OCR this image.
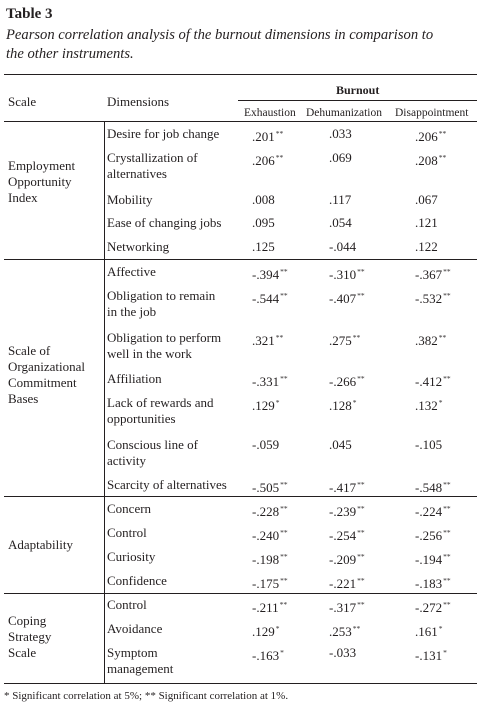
Table 3
Pearson correlation analysis of the burnout dimensions in comparison to
the other instruments.
Burnout
Scale	Dimensions
Exhaustion Dehumanization Disappointment
Employment
Opportunity
Index
Desire for job change	.201**	.033	.206**
Crystallization of
alternatives
.206**	.069	.208**
Mobility	.008	.117	.067
Ease of changing jobs .095	.054	.121
Networking	.125	-.044	.122
Scale of
Organizational
Commitment
Bases
Affective	-.394**	-.310**	-.367**
Obligation to remain
in the job
-.544**	-.407**	-.532**
Obligation to perform
well in the work
.321**	.275**	.382**
Affiliation	-.331**	-.266**	-.412**
Lack of rewards and
opportunities
.129*	.128*	.132*
Conscious line of
activity
-.059	.045	-.105
Scarcity of alternatives -.505**	-.417**	-.548**
Adaptability
Concern	-.228**	-.239**	-.224**
Control	-.240**	-.254**	-.256**
Curiosity	-.198**	-.209**	-.194**
Confidence	-.175**	-.221**	-.183**
Coping
Strategy
Scale
Control	-.211**	-.317**	-.272**
Avoidance	.129*	.253**	.161*
Symptom
management
-.163*	-.033	-.131*
* Significant correlation at 5%; ** Significant correlation at 1%.
